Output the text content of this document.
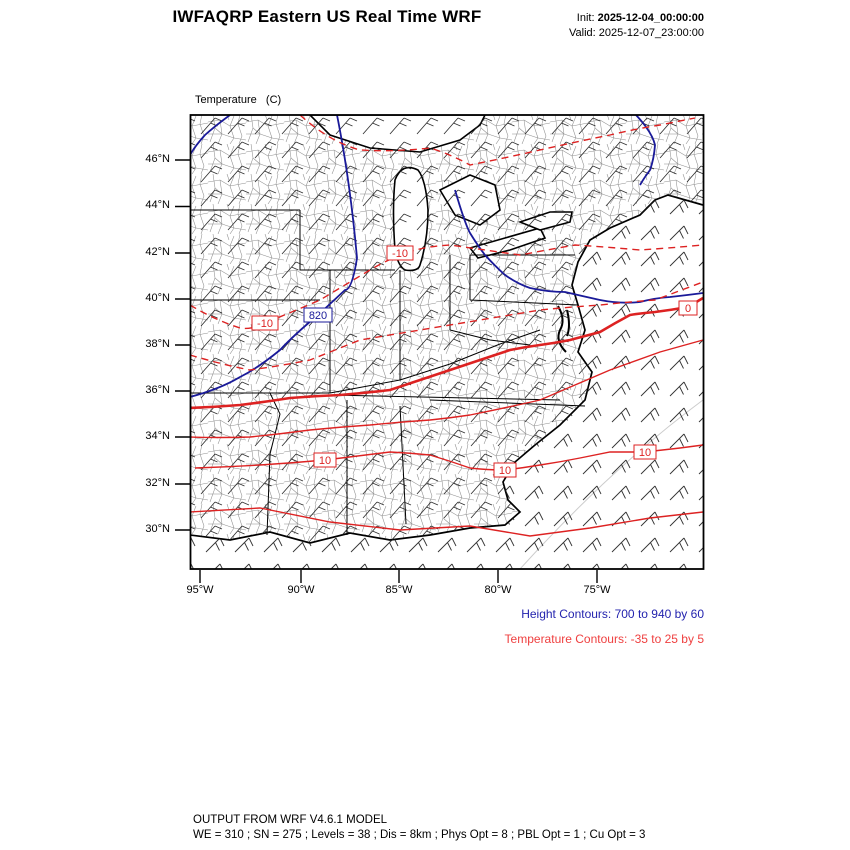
IWFAQRP Eastern US Real Time WRF	Init: 2025-12-04_00:00:00
Valid: 2025-12-07_23:00:00

Temperature   (C)

46°N
44°N
42°N
40°N
38°N
36°N
34°N
32°N
30°N
95°W	90°W	85°W	80°W	75°W
-10
-10
820
0
10
10
10
Height Contours: 700 to 940 by 60
Temperature Contours: -35 to 25 by 5
OUTPUT FROM WRF V4.6.1 MODEL
WE = 310 ; SN = 275 ; Levels = 38 ; Dis = 8km ; Phys Opt = 8 ; PBL Opt = 1 ; Cu Opt = 3
